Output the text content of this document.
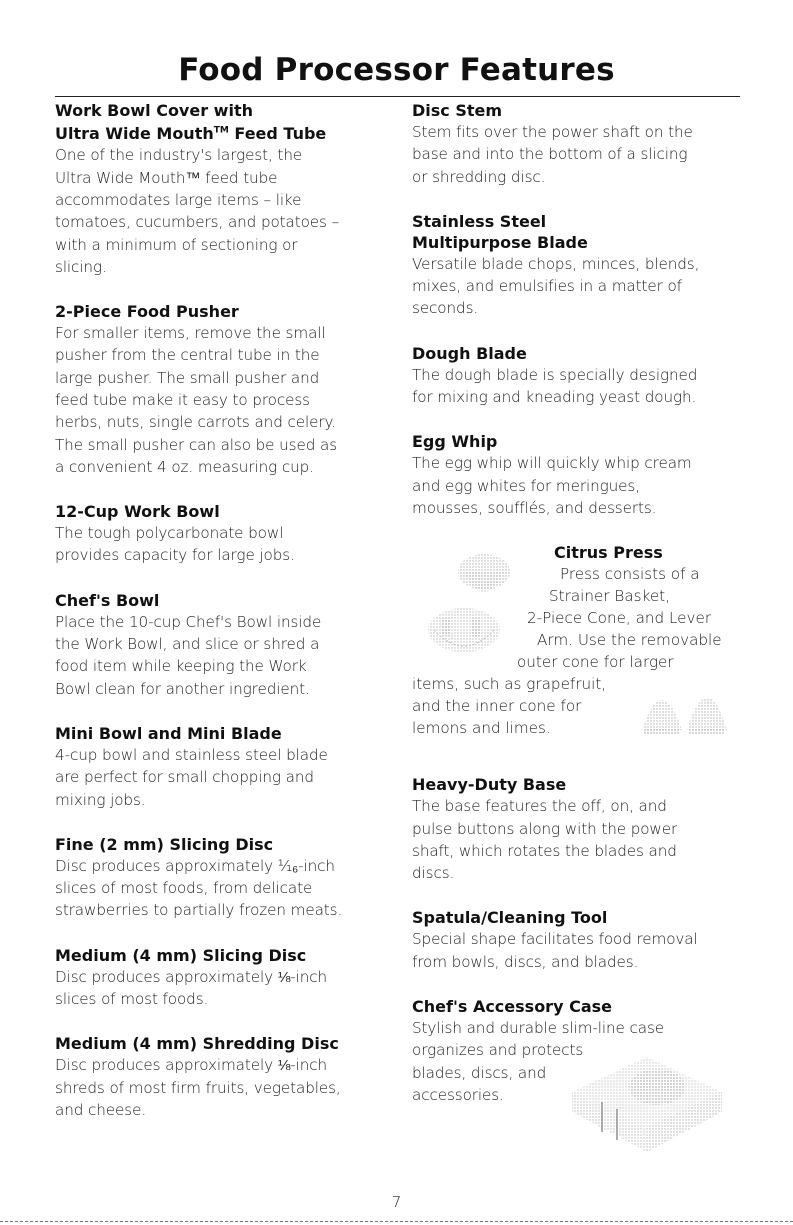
Food Processor Features

Work Bowl Cover with
Ultra Wide Mouth™ Feed Tube

One of the industry's largest, the
Ultra Wide Mouth™ feed tube
accommodates large items – like
tomatoes, cucumbers, and potatoes –
with a minimum of sectioning or
slicing.

2-Piece Food Pusher

For smaller items, remove the small
pusher from the central tube in the
large pusher. The small pusher and
feed tube make it easy to process
herbs, nuts, single carrots and celery.
The small pusher can also be used as
a convenient 4 oz. measuring cup.

12-Cup Work Bowl

The tough polycarbonate bowl
provides capacity for large jobs.

Chef's Bowl

Place the 10-cup Chef's Bowl inside
the Work Bowl, and slice or shred a
food item while keeping the Work
Bowl clean for another ingredient.

Mini Bowl and Mini Blade

4-cup bowl and stainless steel blade
are perfect for small chopping and
mixing jobs.

Fine (2 mm) Slicing Disc

Disc produces approximately ¹⁄₁₆-inch
slices of most foods, from delicate
strawberries to partially frozen meats.

Medium (4 mm) Slicing Disc

Disc produces approximately ⅛-inch
slices of most foods.

Medium (4 mm) Shredding Disc

Disc produces approximately ⅛-inch
shreds of most firm fruits, vegetables,
and cheese.

Disc Stem

Stem fits over the power shaft on the
base and into the bottom of a slicing
or shredding disc.

Stainless Steel
Multipurpose Blade

Versatile blade chops, minces, blends,
mixes, and emulsifies in a matter of
seconds.

Dough Blade

The dough blade is specially designed
for mixing and kneading yeast dough.

Egg Whip

The egg whip will quickly whip cream
and egg whites for meringues,
mousses, soufflés, and desserts.

Citrus Press

Press consists of a
Strainer Basket,
2-Piece Cone, and Lever
Arm. Use the removable
outer cone for larger
items, such as grapefruit,
and the inner cone for
lemons and limes.

Heavy-Duty Base

The base features the off, on, and
pulse buttons along with the power
shaft, which rotates the blades and
discs.

Spatula/Cleaning Tool

Special shape facilitates food removal
from bowls, discs, and blades.

Chef's Accessory Case

Stylish and durable slim-line case

organizes and protects

blades, discs, and

accessories.

7
